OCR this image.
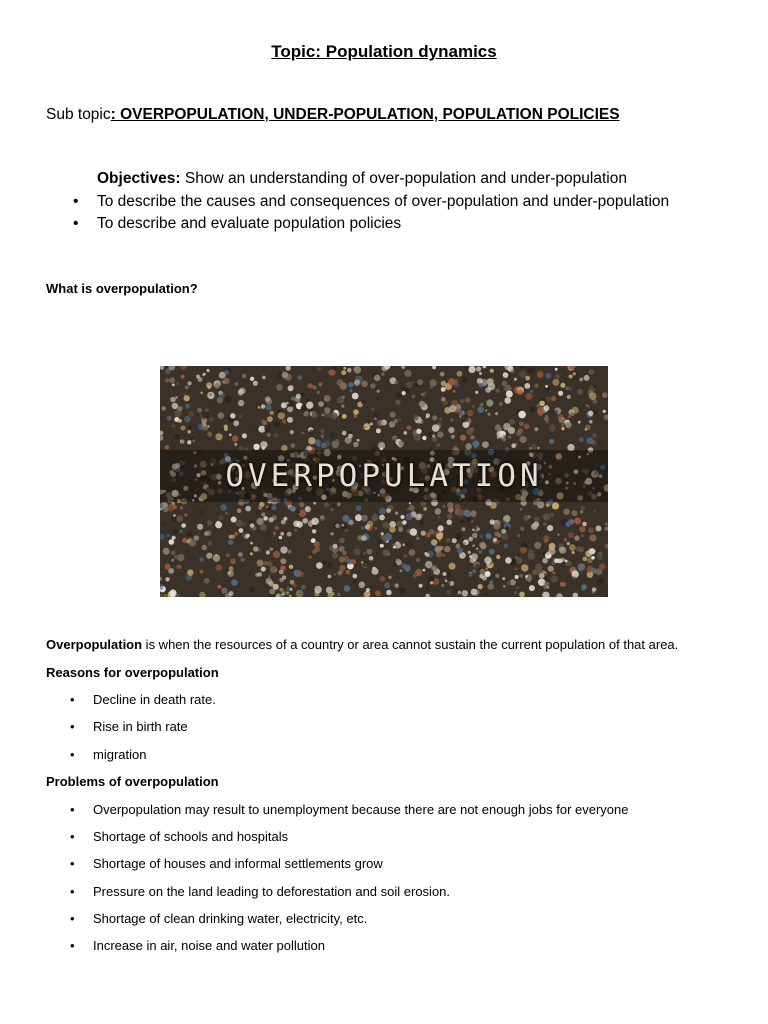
Topic: Population dynamics
Sub topic: OVERPOPULATION, UNDER-POPULATION, POPULATION POLICIES
Objectives: Show an understanding of over-population and under-population
• To describe the causes and consequences of over-population and under-population
• To describe and evaluate population policies
What is overpopulation?
OVERPOPULATION
Overpopulation is when the resources of a country or area cannot sustain the current population of that area.
Reasons for overpopulation
• Decline in death rate.
• Rise in birth rate
• migration
Problems of overpopulation
• Overpopulation may result to unemployment because there are not enough jobs for everyone
• Shortage of schools and hospitals
• Shortage of houses and informal settlements grow
• Pressure on the land leading to deforestation and soil erosion.
• Shortage of clean drinking water, electricity, etc.
• Increase in air, noise and water pollution
